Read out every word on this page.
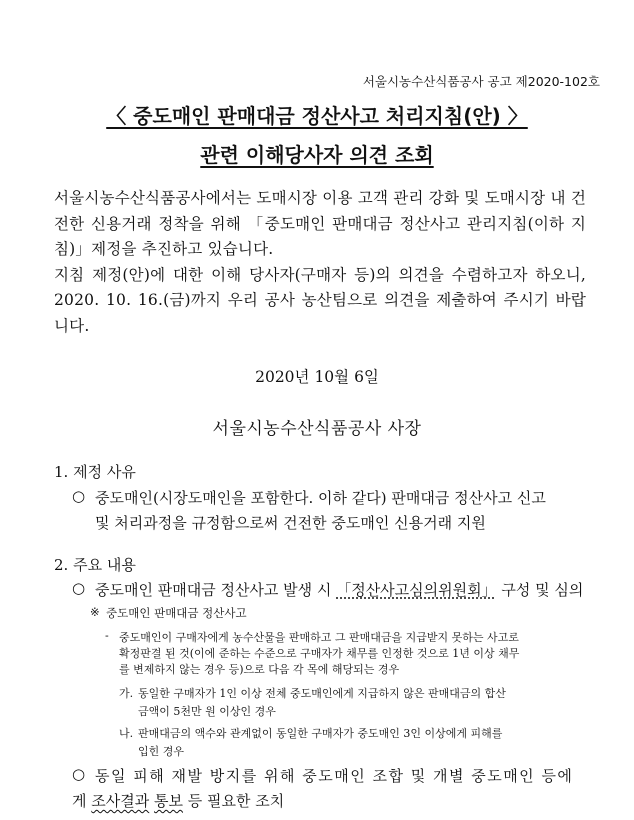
서울시농수산식품공사 공고 제2020-102호
〈 중도매인 판매대금 정산사고 처리지침(안) 〉
관련 이해당사자 의견 조회

서울시농수산식품공사에서는 도매시장 이용 고객 관리 강화 및 도매시장 내 건전한 신용거래 정착을 위해 「중도매인 판매대금 정산사고 관리지침(이하 지침)」제정을 추진하고 있습니다.

지침 제정(안)에 대한 이해 당사자(구매자 등)의 의견을 수렴하고자 하오니, 2020. 10. 16.(금)까지 우리 공사 농산팀으로 의견을 제출하여 주시기 바랍니다.

2020년 10월 6일
서울시농수산식품공사 사장
1. 제정 사유
○ 중도매인(시장도매인을 포함한다. 이하 같다) 판매대금 정산사고 신고
및 처리과정을 규정함으로써 건전한 중도매인 신용거래 지원
2. 주요 내용
○ 중도매인 판매대금 정산사고 발생 시 「정산사고심의위원회」 구성 및 심의
※ 중도매인 판매대금 정산사고
- 중도매인이 구매자에게 농수산물을 판매하고 그 판매대금을 지급받지 못하는 사고로
확정판결 된 것(이에 준하는 수준으로 구매자가 채무를 인정한 것으로 1년 이상 채무
를 변제하지 않는 경우 등)으로 다음 각 목에 해당되는 경우
가. 동일한 구매자가 1인 이상 전체 중도매인에게 지급하지 않은 판매대금의 합산
금액이 5천만 원 이상인 경우
나. 판매대금의 액수와 관계없이 동일한 구매자가 중도매인 3인 이상에게 피해를
입힌 경우
○ 동일 피해 재발 방지를 위해 중도매인 조합 및 개별 중도매인 등에
게 조사결과 통보 등 필요한 조치
